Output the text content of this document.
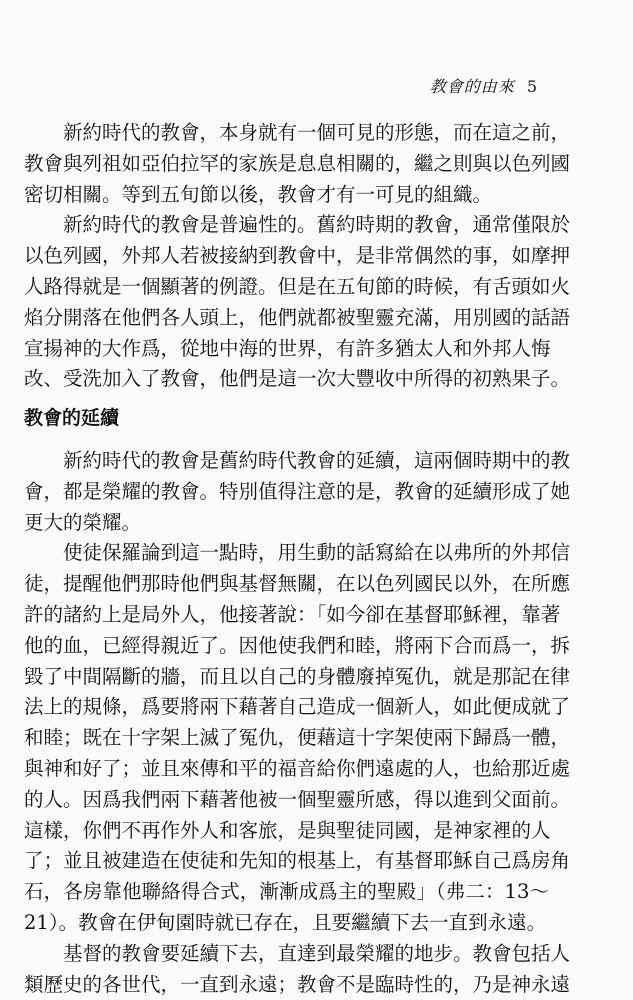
教會的由來 5
新約時代的教會，本身就有一個可見的形態，而在這之前，
教會與列祖如亞伯拉罕的家族是息息相關的，繼之則與以色列國
密切相關。等到五旬節以後，教會才有一可見的組織。
新約時代的教會是普遍性的。舊約時期的教會，通常僅限於
以色列國，外邦人若被接納到教會中，是非常偶然的事，如摩押
人路得就是一個顯著的例證。但是在五旬節的時候，有舌頭如火
焰分開落在他們各人頭上，他們就都被聖靈充滿，用別國的話語
宣揚神的大作爲，從地中海的世界，有許多猶太人和外邦人悔
改、受洗加入了教會，他們是這一次大豐收中所得的初熟果子。
教會的延續
新約時代的教會是舊約時代教會的延續，這兩個時期中的教
會，都是榮耀的教會。特別值得注意的是，教會的延續形成了她
更大的榮耀。
使徒保羅論到這一點時，用生動的話寫給在以弗所的外邦信
徒，提醒他們那時他們與基督無關，在以色列國民以外，在所應
許的諸約上是局外人，他接著說：「如今卻在基督耶穌裡，靠著
他的血，已經得親近了。因他使我們和睦，將兩下合而爲一，拆
毀了中間隔斷的牆，而且以自己的身體廢掉冤仇，就是那記在律
法上的規條，爲要將兩下藉著自己造成一個新人，如此便成就了
和睦；既在十字架上滅了冤仇，便藉這十字架使兩下歸爲一體，
與神和好了；並且來傳和平的福音給你們遠處的人，也給那近處
的人。因爲我們兩下藉著他被一個聖靈所感，得以進到父面前。
這樣，你們不再作外人和客旅，是與聖徒同國，是神家裡的人
了；並且被建造在使徒和先知的根基上，有基督耶穌自己爲房角
石，各房靠他聯絡得合式，漸漸成爲主的聖殿」（弗二：13～
21）。教會在伊甸園時就已存在，且要繼續下去一直到永遠。
基督的教會要延續下去，直達到最榮耀的地步。教會包括人
類歷史的各世代，一直到永遠；教會不是臨時性的，乃是神永遠
